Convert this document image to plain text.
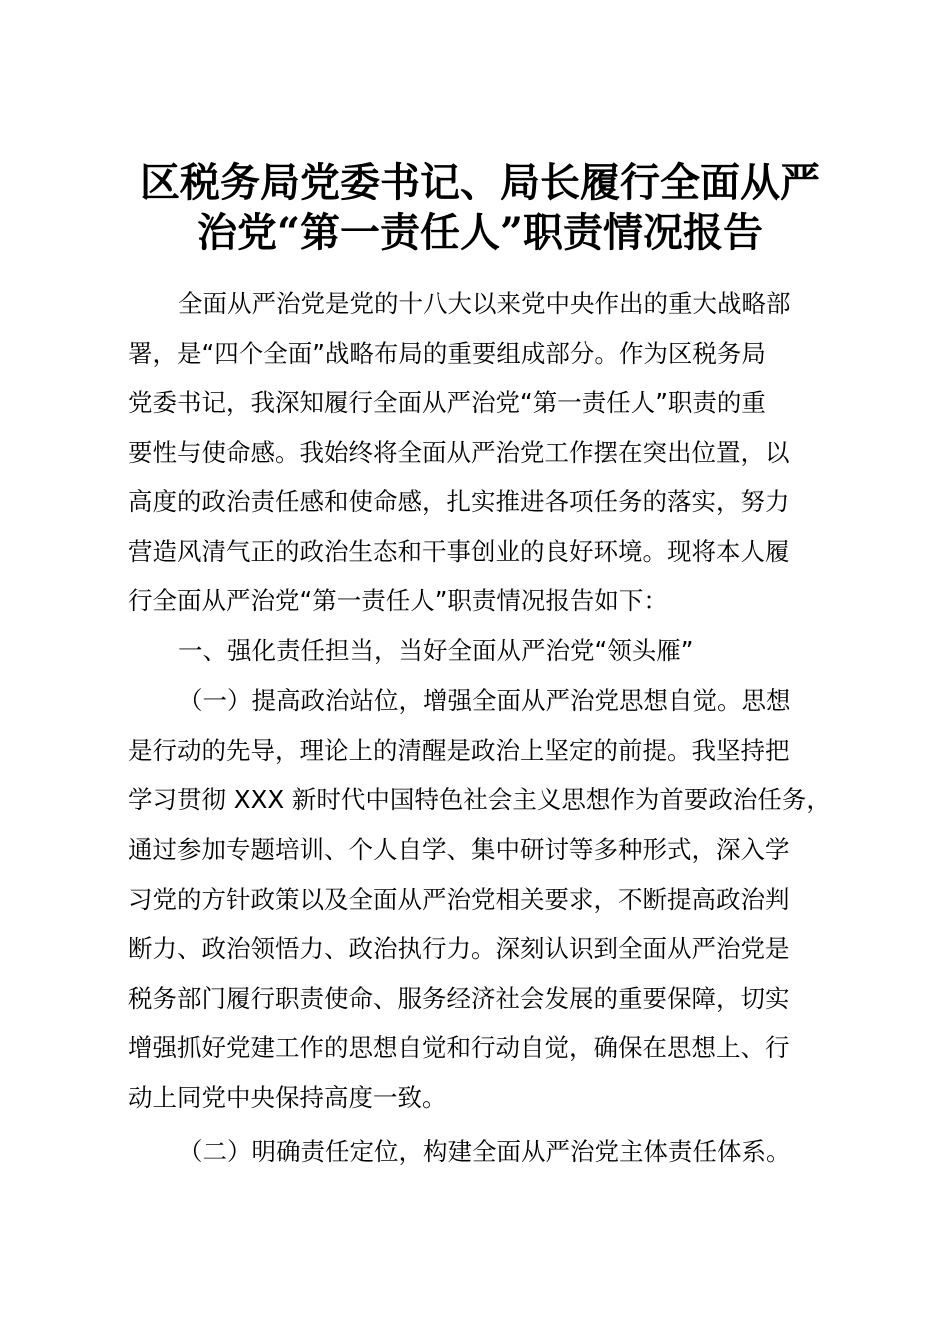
区税务局党委书记、局长履行全面从严
治党“第一责任人”职责情况报告
全面从严治党是党的十八大以来党中央作出的重大战略部
署，是“四个全面”战略布局的重要组成部分。作为区税务局
党委书记，我深知履行全面从严治党“第一责任人”职责的重
要性与使命感。我始终将全面从严治党工作摆在突出位置，以
高度的政治责任感和使命感，扎实推进各项任务的落实，努力
营造风清气正的政治生态和干事创业的良好环境。现将本人履
行全面从严治党“第一责任人”职责情况报告如下：
一、强化责任担当，当好全面从严治党“领头雁”
（一）提高政治站位，增强全面从严治党思想自觉。思想
是行动的先导，理论上的清醒是政治上坚定的前提。我坚持把
学习贯彻 XXX 新时代中国特色社会主义思想作为首要政治任务，
通过参加专题培训、个人自学、集中研讨等多种形式，深入学
习党的方针政策以及全面从严治党相关要求，不断提高政治判
断力、政治领悟力、政治执行力。深刻认识到全面从严治党是
税务部门履行职责使命、服务经济社会发展的重要保障，切实
增强抓好党建工作的思想自觉和行动自觉，确保在思想上、行
动上同党中央保持高度一致。
（二）明确责任定位，构建全面从严治党主体责任体系。
